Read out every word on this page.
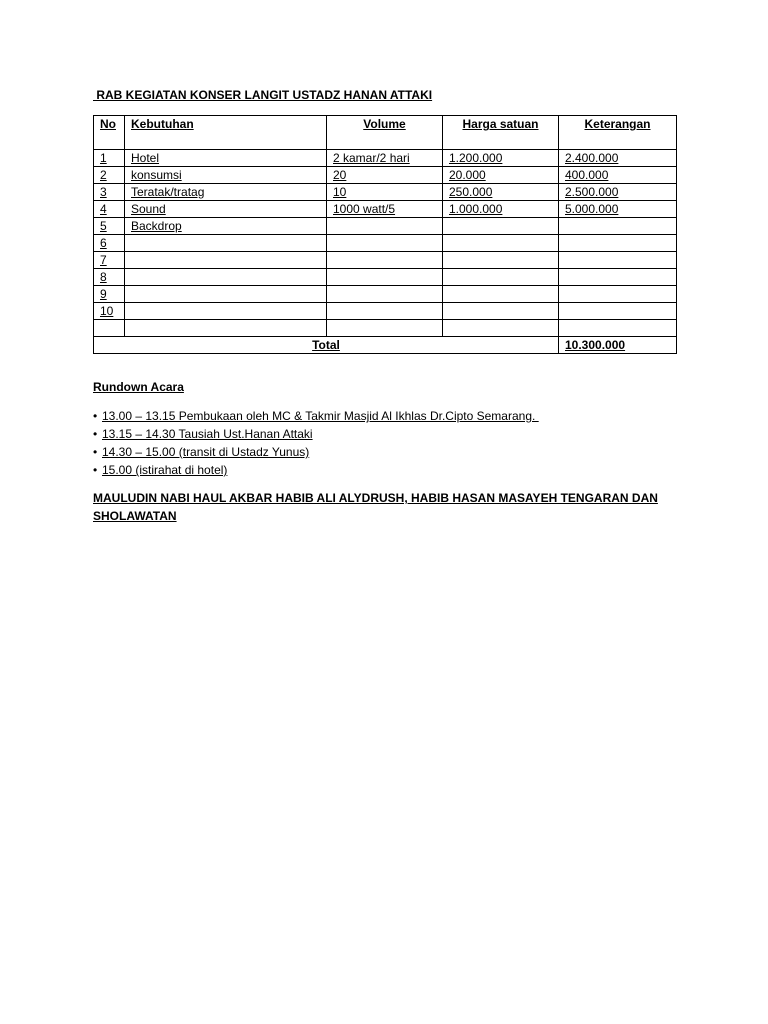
RAB KEGIATAN KONSER LANGIT USTADZ HANAN ATTAKI
No	Kebutuhan	Volume	Harga satuan	Keterangan
1	Hotel	2 kamar/2 hari	1.200.000	2.400.000
2	konsumsi	20	20.000	400.000
3	Teratak/tratag	10	250.000	2.500.000
4	Sound	1000 watt/5	1.000.000	5.000.000
5	Backdrop			
6				
7				
8				
9				
10				

Total				10.300.000
Rundown Acara
• 13.00 – 13.15 Pembukaan oleh MC & Takmir Masjid Al Ikhlas Dr.Cipto Semarang.
• 13.15 – 14.30 Tausiah Ust.Hanan Attaki
• 14.30 – 15.00 (transit di Ustadz Yunus)
• 15.00 (istirahat di hotel)
MAULUDIN NABI HAUL AKBAR HABIB ALI ALYDRUSH, HABIB HASAN MASAYEH TENGARAN DAN SHOLAWATAN
